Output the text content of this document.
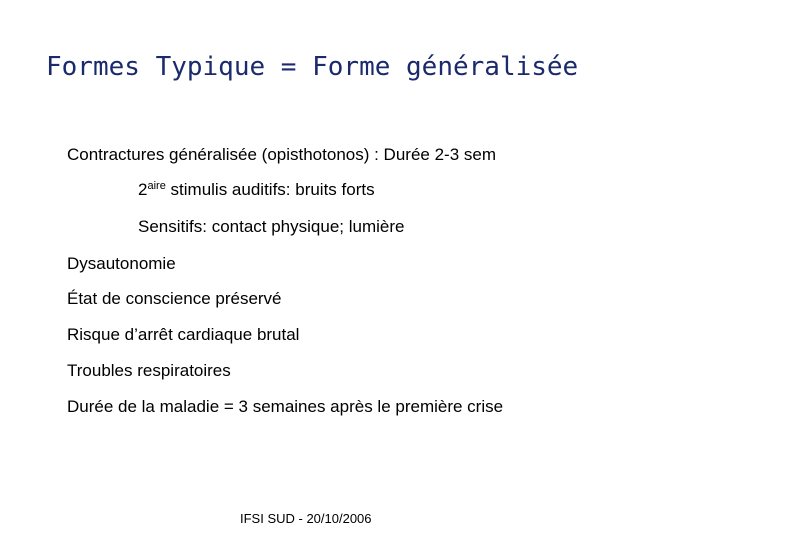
Formes Typique = Forme généralisée
Contractures généralisée (opisthotonos) : Durée 2-3 sem
$2^{aire}$ stimulis auditifs: bruits forts
Sensitifs: contact physique; lumière
Dysautonomie
État de conscience préservé
Risque d’arrêt cardiaque brutal
Troubles respiratoires
Durée de la maladie = 3 semaines après le première crise
IFSI SUD - 20/10/2006
